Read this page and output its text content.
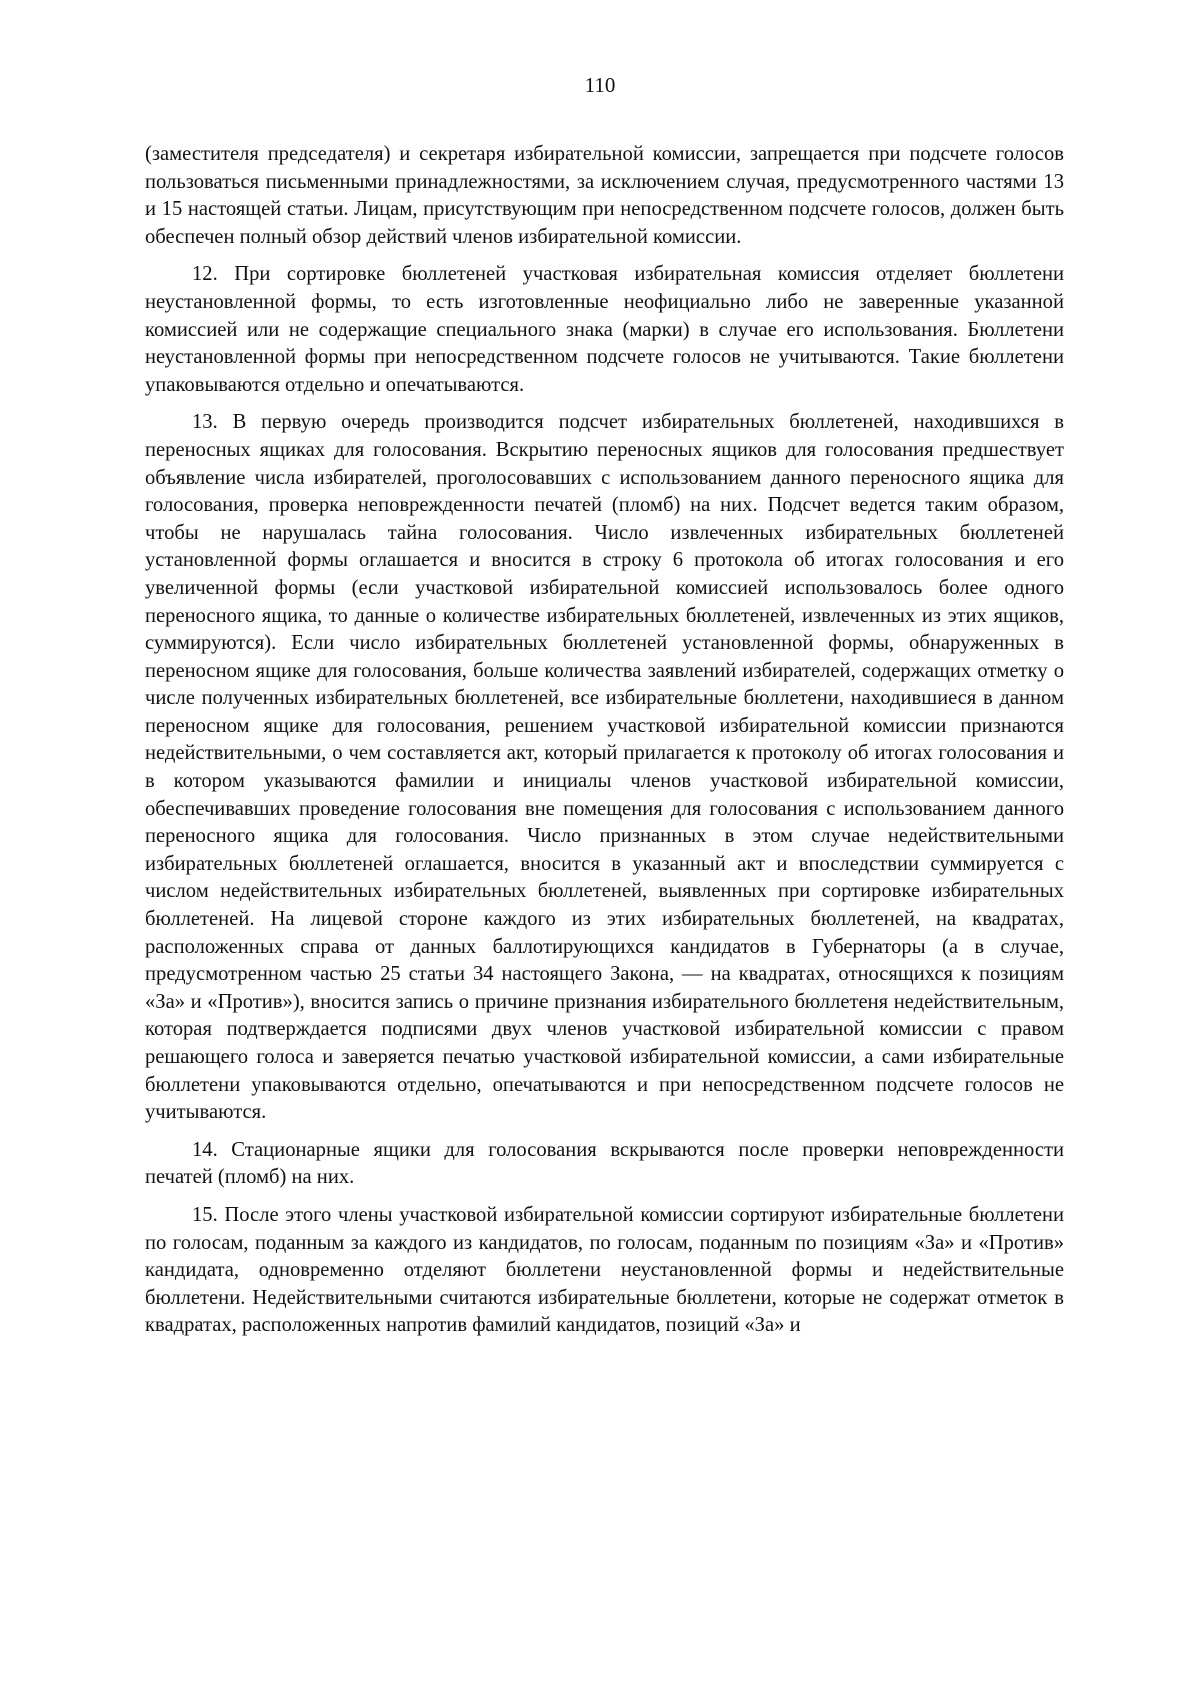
110

(заместителя председателя) и секретаря избирательной комиссии, запрещается при подсчете голосов пользоваться письменными принадлежностями, за исключением случая, предусмотренного частями 13 и 15 настоящей статьи. Лицам, присутствующим при непосредственном подсчете голосов, должен быть обеспечен полный обзор действий членов избирательной комиссии.

12. При сортировке бюллетеней участковая избирательная комиссия отделяет бюллетени неустановленной формы, то есть изготовленные неофициально либо не заверенные указанной комиссией или не содержащие специального знака (марки) в случае его использования. Бюллетени неустановленной формы при непосредственном подсчете голосов не учитываются. Такие бюллетени упаковываются отдельно и опечатываются.

13. В первую очередь производится подсчет избирательных бюллетеней, находившихся в переносных ящиках для голосования. Вскрытию переносных ящиков для голосования предшествует объявление числа избирателей, проголосовавших с использованием данного переносного ящика для голосования, проверка неповрежденности печатей (пломб) на них. Подсчет ведется таким образом, чтобы не нарушалась тайна голосования. Число извлеченных избирательных бюллетеней установленной формы оглашается и вносится в строку 6 протокола об итогах голосования и его увеличенной формы (если участковой избирательной комиссией использовалось более одного переносного ящика, то данные о количестве избирательных бюллетеней, извлеченных из этих ящиков, суммируются). Если число избирательных бюллетеней установленной формы, обнаруженных в переносном ящике для голосования, больше количества заявлений избирателей, содержащих отметку о числе полученных избирательных бюллетеней, все избирательные бюллетени, находившиеся в данном переносном ящике для голосования, решением участковой избирательной комиссии признаются недействительными, о чем составляется акт, который прилагается к протоколу об итогах голосования и в котором указываются фамилии и инициалы членов участковой избирательной комиссии, обеспечивавших проведение голосования вне помещения для голосования с использованием данного переносного ящика для голосования. Число признанных в этом случае недействительными избирательных бюллетеней оглашается, вносится в указанный акт и впоследствии суммируется с числом недействительных избирательных бюллетеней, выявленных при сортировке избирательных бюллетеней. На лицевой стороне каждого из этих избирательных бюллетеней, на квадратах, расположенных справа от данных баллотирующихся кандидатов в Губернаторы (а в случае, предусмотренном частью 25 статьи 34 настоящего Закона, — на квадратах, относящихся к позициям «За» и «Против»), вносится запись о причине признания избирательного бюллетеня недействительным, которая подтверждается подписями двух членов участковой избирательной комиссии с правом решающего голоса и заверяется печатью участковой избирательной комиссии, а сами избирательные бюллетени упаковываются отдельно, опечатываются и при непосредственном подсчете голосов не учитываются.

14. Стационарные ящики для голосования вскрываются после проверки неповрежденности печатей (пломб) на них.

15. После этого члены участковой избирательной комиссии сортируют избирательные бюллетени по голосам, поданным за каждого из кандидатов, по голосам, поданным по позициям «За» и «Против» кандидата, одновременно отделяют бюллетени неустановленной формы и недействительные бюллетени. Недействительными считаются избирательные бюллетени, которые не содержат отметок в квадратах, расположенных напротив фамилий кандидатов, позиций «За» и
